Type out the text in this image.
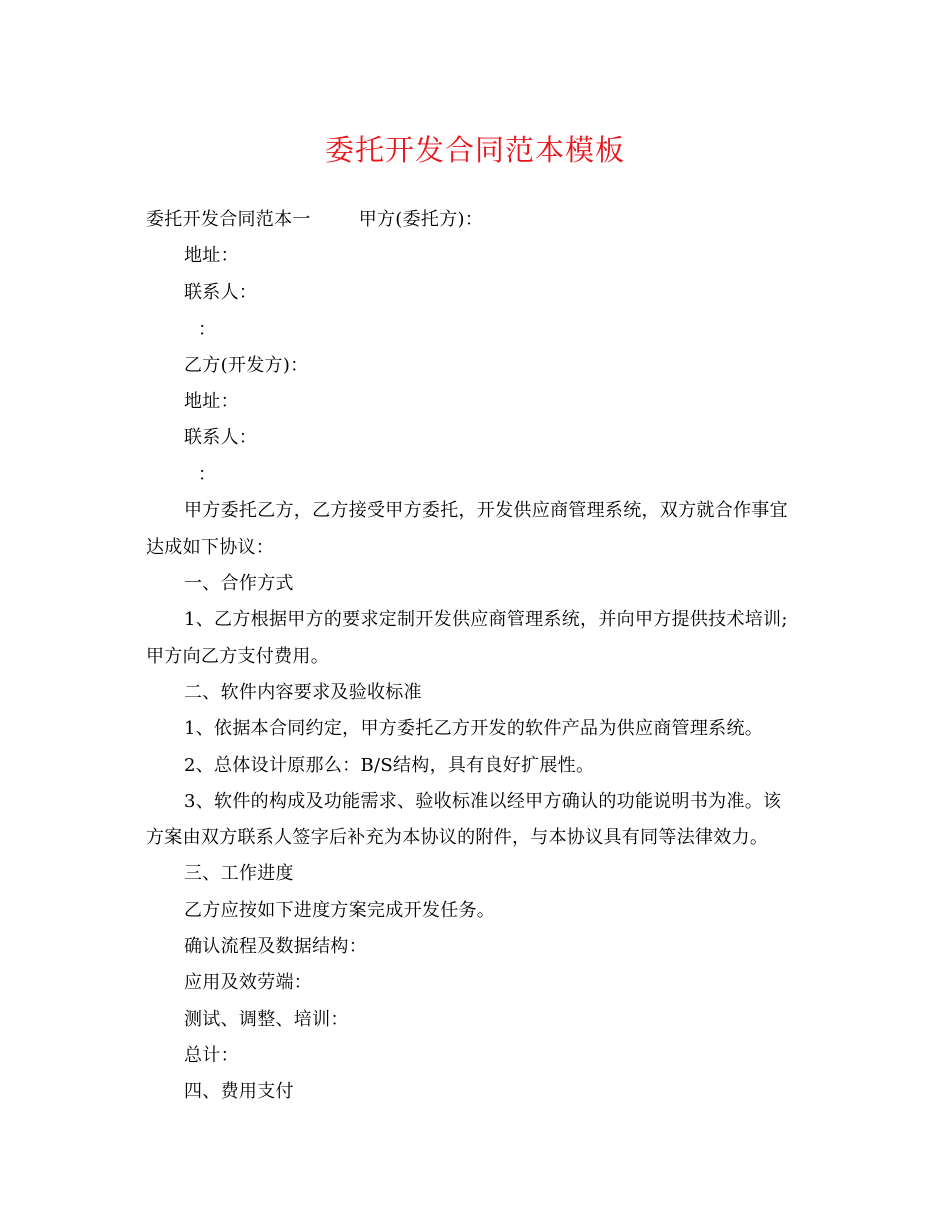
委托开发合同范本模板
委托开发合同范本一	甲方(委托方)：
地址：
联系人：
：
乙方(开发方)：
地址：
联系人：
：
甲方委托乙方，乙方接受甲方委托，开发供应商管理系统，双方就合作事宜
达成如下协议：
一、合作方式
1、乙方根据甲方的要求定制开发供应商管理系统，并向甲方提供技术培训;
甲方向乙方支付费用。
二、软件内容要求及验收标准
1、依据本合同约定，甲方委托乙方开发的软件产品为供应商管理系统。
2、总体设计原那么：B/S结构，具有良好扩展性。
3、软件的构成及功能需求、验收标准以经甲方确认的功能说明书为准。该
方案由双方联系人签字后补充为本协议的附件，与本协议具有同等法律效力。
三、工作进度
乙方应按如下进度方案完成开发任务。
确认流程及数据结构：
应用及效劳端：
测试、调整、培训：
总计：
四、费用支付
